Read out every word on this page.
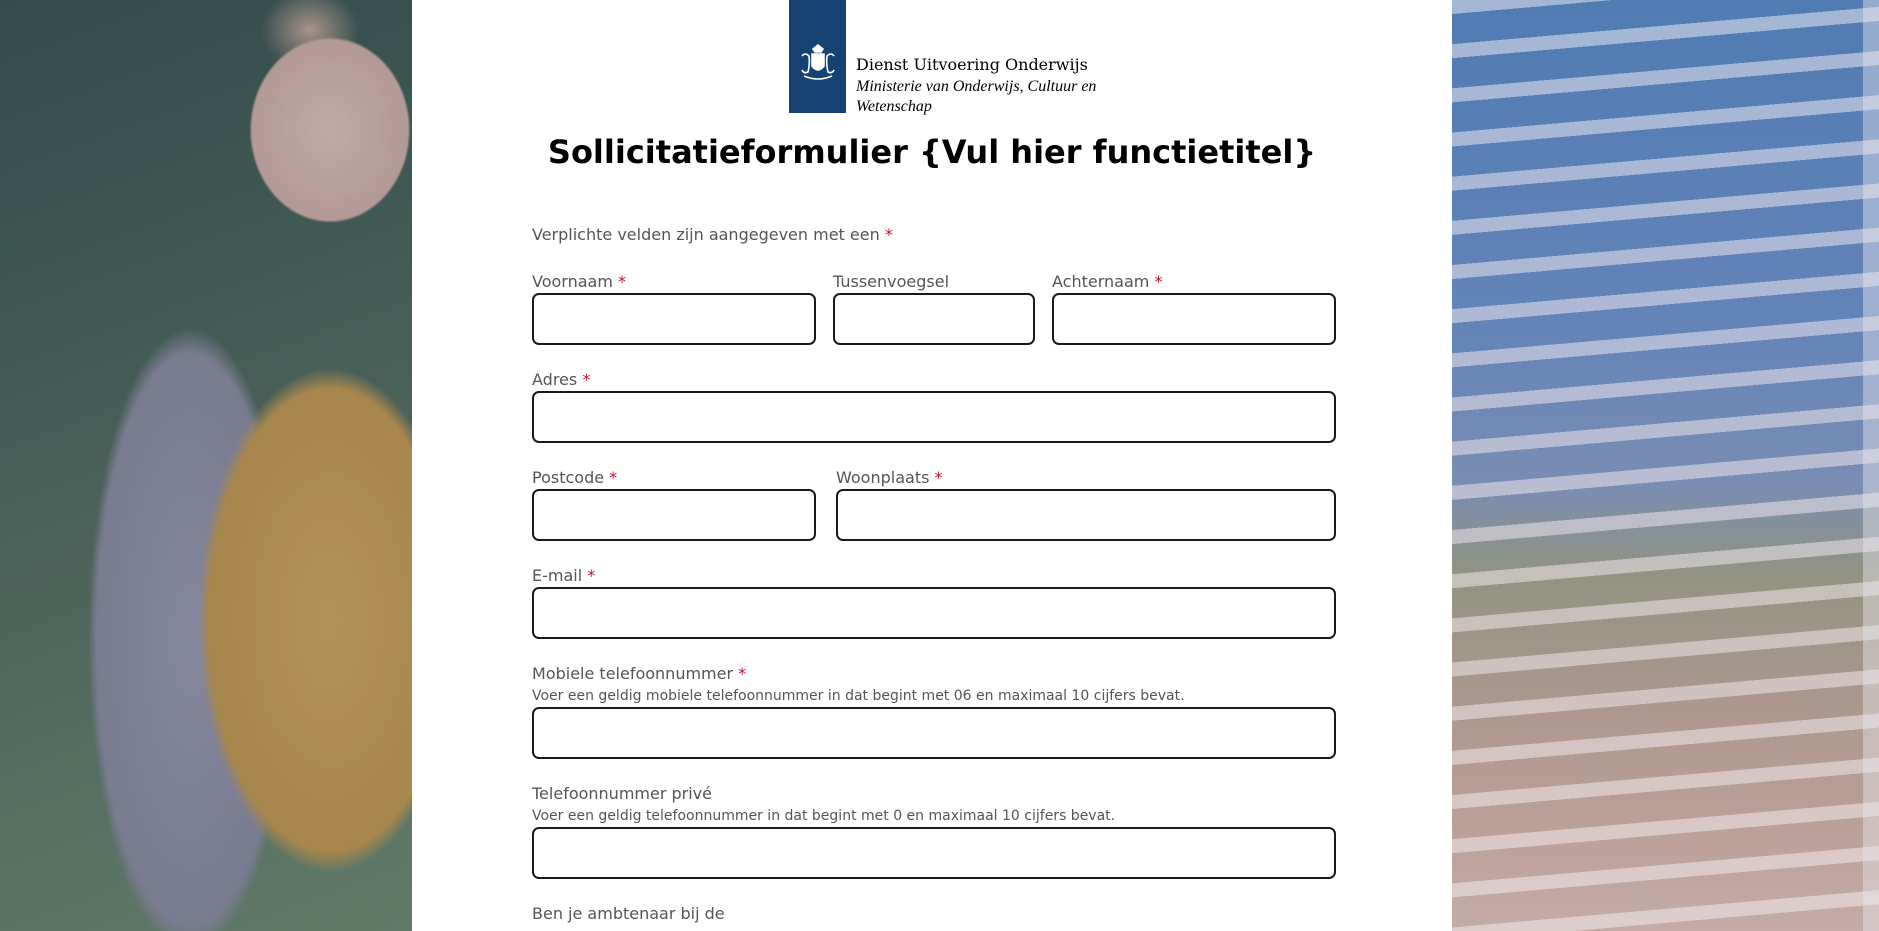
Dienst Uitvoering Onderwijs
Ministerie van Onderwijs, Cultuur en
Wetenschap
Sollicitatieformulier {Vul hier functietitel}
Verplichte velden zijn aangegeven met een *
Voornaam *	Tussenvoegsel	Achternaam *
Adres *
Postcode *	Woonplaats *
E-mail *
Mobiele telefoonnummer *
Voer een geldig mobiele telefoonnummer in dat begint met 06 en maximaal 10 cijfers bevat.
Telefoonnummer privé
Voer een geldig telefoonnummer in dat begint met 0 en maximaal 10 cijfers bevat.
Ben je ambtenaar bij de
